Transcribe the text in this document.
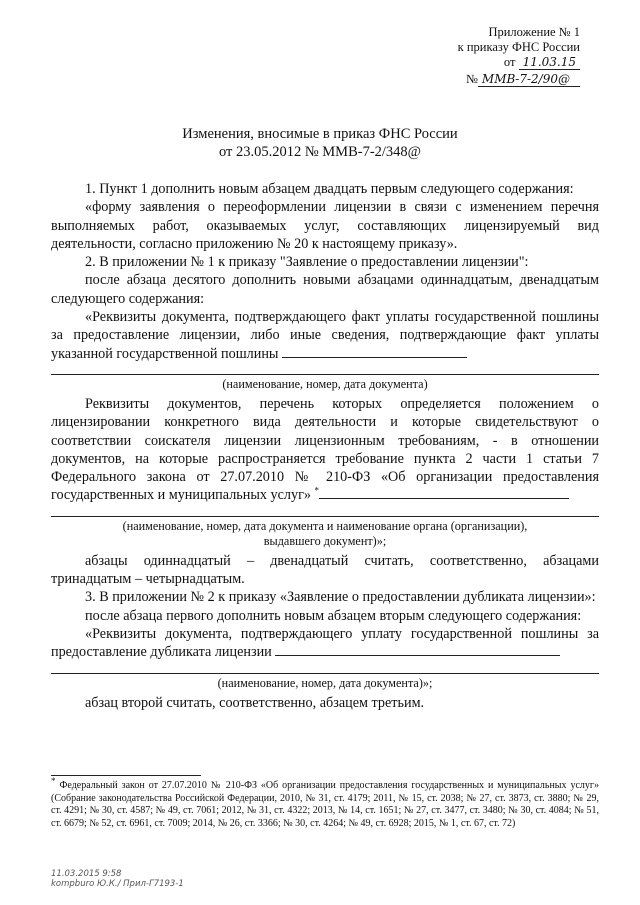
Приложение № 1
к приказу ФНС России
от 11.03.15
№ ММВ-7-2/90@
Изменения, вносимые в приказ ФНС России
от 23.05.2012 № ММВ-7-2/348@

1. Пункт 1 дополнить новым абзацем двадцать первым следующего содержания:

«форму заявления о переоформлении лицензии в связи с изменением перечня выполняемых работ, оказываемых услуг, составляющих лицензируемый вид деятельности, согласно приложению № 20 к настоящему приказу».

2. В приложении № 1 к приказу "Заявление о предоставлении лицензии":

после абзаца десятого дополнить новыми абзацами одиннадцатым, двенадцатым следующего содержания:

«Реквизиты документа, подтверждающего факт уплаты государственной пошлины за предоставление лицензии, либо иные сведения, подтверждающие факт уплаты указанной государственной пошлины

(наименование, номер, дата документа)

Реквизиты документов, перечень которых определяется положением о лицензировании конкретного вида деятельности и которые свидетельствуют о соответствии соискателя лицензии лицензионным требованиям, - в отношении документов, на которые распространяется требование пункта 2 части 1 статьи 7 Федерального закона от 27.07.2010 № 210-ФЗ «Об организации предоставления государственных и муниципальных услуг» *

(наименование, номер, дата документа и наименование органа (организации),
выдавшего документ)»;

абзацы одиннадцатый – двенадцатый считать, соответственно, абзацами тринадцатым – четырнадцатым.

3. В приложении № 2 к приказу «Заявление о предоставлении дубликата лицензии»:

после абзаца первого дополнить новым абзацем вторым следующего содержания:

«Реквизиты документа, подтверждающего уплату государственной пошлины за предоставление дубликата лицензии

(наименование, номер, дата документа)»;

абзац второй считать, соответственно, абзацем третьим.

* Федеральный закон от 27.07.2010 № 210-ФЗ «Об организации предоставления государственных и муниципальных услуг» (Собрание законодательства Российской Федерации, 2010, № 31, ст. 4179; 2011, № 15, ст. 2038; № 27, ст. 3873, ст. 3880; № 29, ст. 4291; № 30, ст. 4587; № 49, ст. 7061; 2012, № 31, ст. 4322; 2013, № 14, ст. 1651; № 27, ст. 3477, ст. 3480; № 30, ст. 4084; № 51, ст. 6679; № 52, ст. 6961, ст. 7009; 2014, № 26, ст. 3366; № 30, ст. 4264; № 49, ст. 6928; 2015, № 1, ст. 67, ст. 72)
11.03.2015 9:58
kompburo Ю.К./ Прил-Г7193-1
